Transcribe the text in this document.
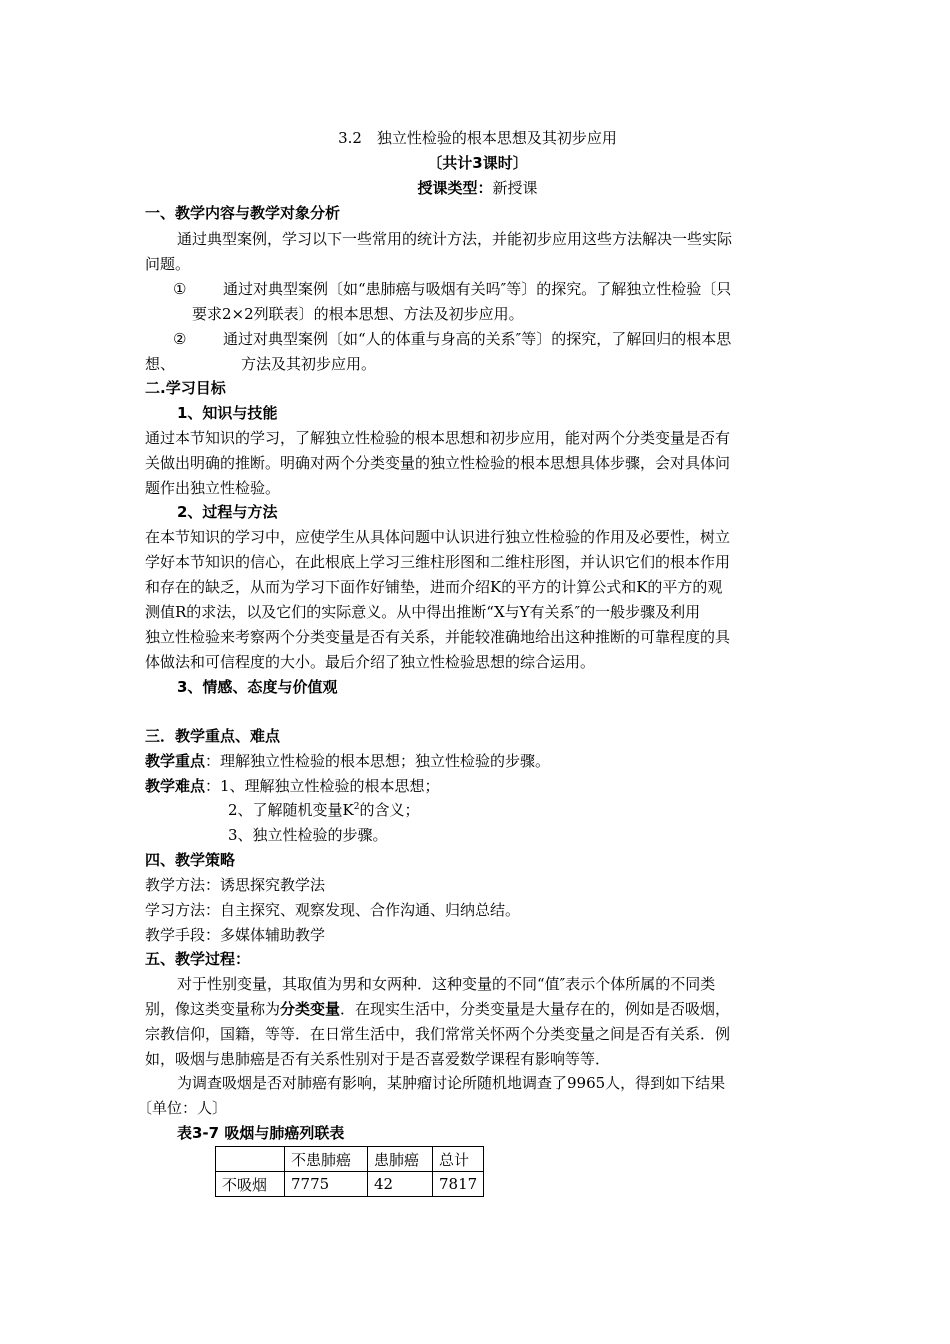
3.2　独立性检验的根本思想及其初步应用
〔共计3课时〕
授课类型：新授课
一、教学内容与教学对象分析
通过典型案例，学习以下一些常用的统计方法，并能初步应用这些方法解决一些实际
问题。
① 通过对典型案例〔如“患肺癌与吸烟有关吗″等〕的探究。了解独立性检验〔只
要求2×2列联表〕的根本思想、方法及初步应用。
② 通过对典型案例〔如“人的体重与身高的关系″等〕的探究，了解回归的根本思
想、	方法及其初步应用。
二.学习目标
1、知识与技能
通过本节知识的学习，了解独立性检验的根本思想和初步应用，能对两个分类变量是否有
关做出明确的推断。明确对两个分类变量的独立性检验的根本思想具体步骤，会对具体问
题作出独立性检验。
2、过程与方法
在本节知识的学习中，应使学生从具体问题中认识进行独立性检验的作用及必要性，树立
学好本节知识的信心，在此根底上学习三维柱形图和二维柱形图，并认识它们的根本作用
和存在的缺乏，从而为学习下面作好铺垫，进而介绍K的平方的计算公式和K的平方的观
测值R的求法，以及它们的实际意义。从中得出推断“X与Y有关系″的一般步骤及利用
独立性检验来考察两个分类变量是否有关系，并能较准确地给出这种推断的可靠程度的具
体做法和可信程度的大小。最后介绍了独立性检验思想的综合运用。
3、情感、态度与价值观
三．教学重点、难点
教学重点：理解独立性检验的根本思想；独立性检验的步骤。
教学难点：1、理解独立性检验的根本思想；
2、了解随机变量$K^2$的含义；
3、独立性检验的步骤。
四、教学策略
教学方法：诱思探究教学法
学习方法：自主探究、观察发现、合作沟通、归纳总结。
教学手段：多媒体辅助教学
五、教学过程：
对于性别变量，其取值为男和女两种．这种变量的不同“值″表示个体所属的不同类
别，像这类变量称为分类变量．在现实生活中，分类变量是大量存在的，例如是否吸烟，
宗教信仰，国籍，等等．在日常生活中，我们常常关怀两个分类变量之间是否有关系．例
如，吸烟与患肺癌是否有关系性别对于是否喜爱数学课程有影响等等．
为调查吸烟是否对肺癌有影响，某肿瘤讨论所随机地调查了9965人，得到如下结果
〔单位：人〕
表3-7 吸烟与肺癌列联表
	不患肺癌	患肺癌	总计
不吸烟	7775	42	7817
